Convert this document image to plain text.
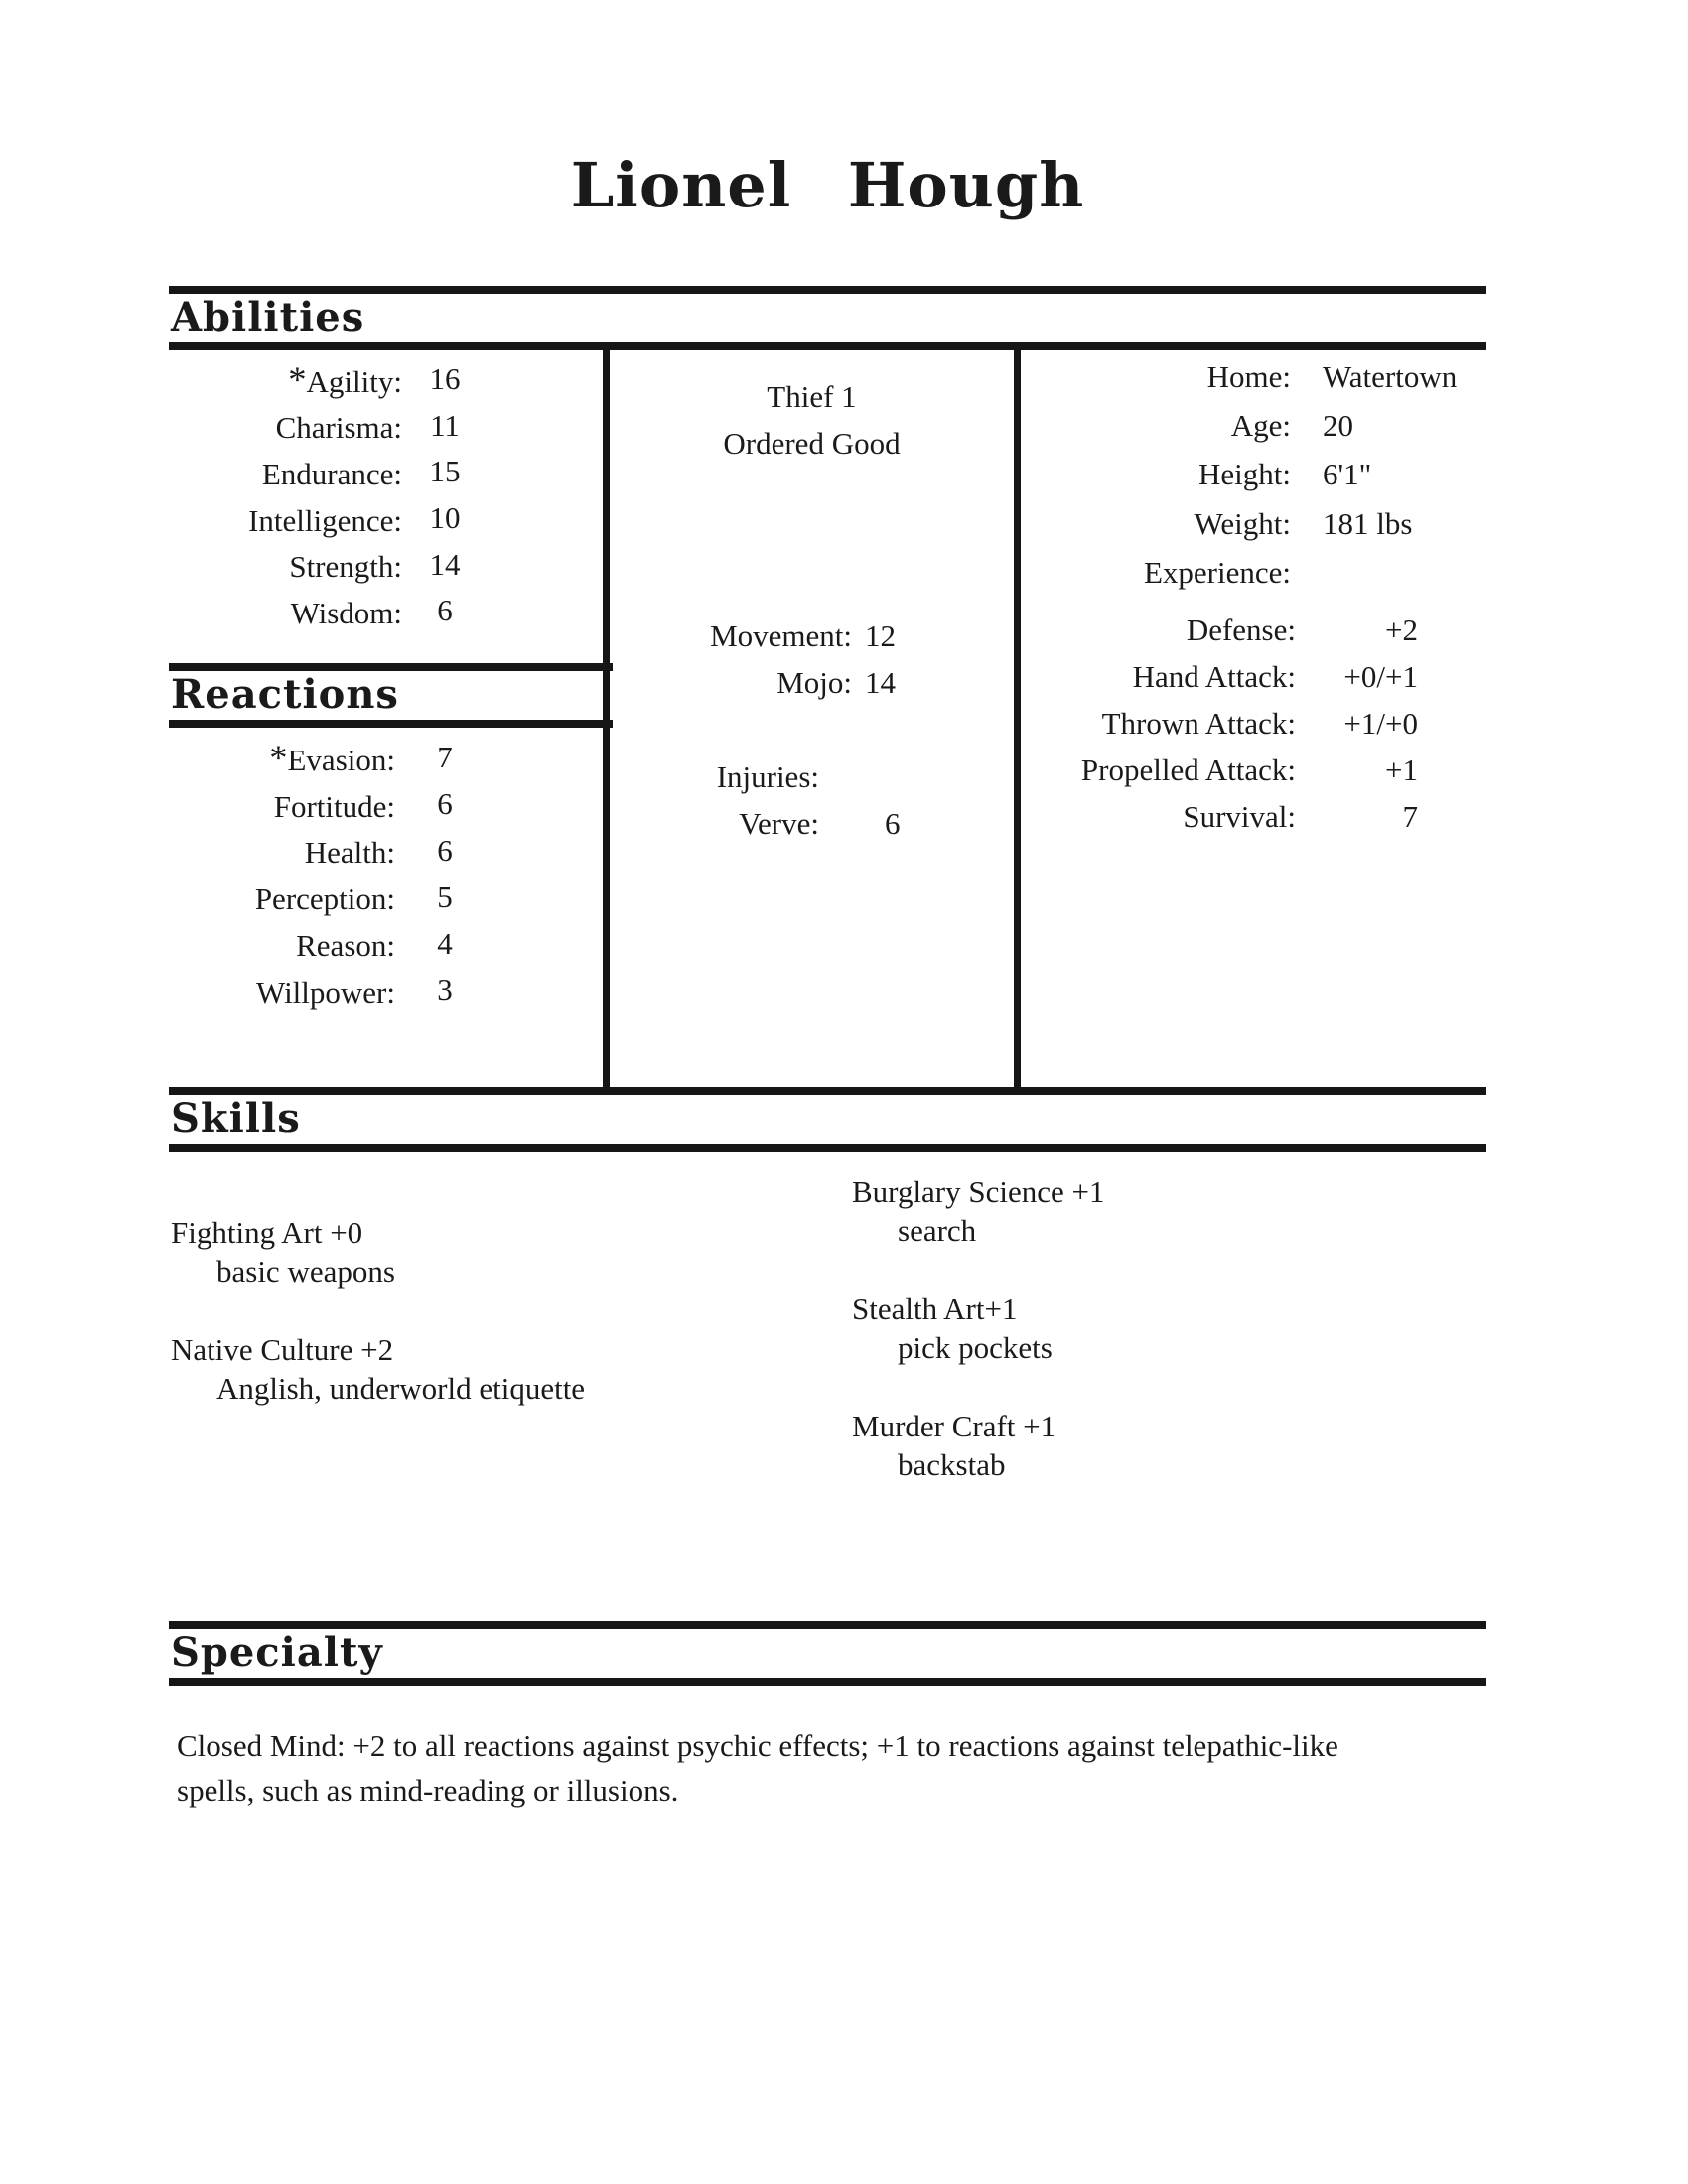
Lionel Hough
Abilities
*Agility: 16
Charisma: 11
Endurance: 15
Intelligence: 10
Strength: 14
Wisdom:	6
Reactions
*Evasion:	7
Fortitude:	6
Health:	6
Perception:	5
Reason:	4
Willpower:	3
Thief 1
Ordered Good
Movement: 12
Mojo: 14
Injuries:
Verve: 6
Home: Watertown
Age: 20
Height: 6'1"
Weight: 181 lbs
Experience:
Defense:	+2
Hand Attack:	+0/+1
Thrown Attack:	+1/+0
Propelled Attack:	+1
Survival:	7
Skills
Fighting Art +0
basic weapons
Native Culture +2
Anglish, underworld etiquette
Burglary Science +1
search
Stealth Art+1
pick pockets
Murder Craft +1
backstab
Specialty

Closed Mind: +2 to all reactions against psychic effects; +1 to reactions against telepathic-like spells, such as mind-reading or illusions.
